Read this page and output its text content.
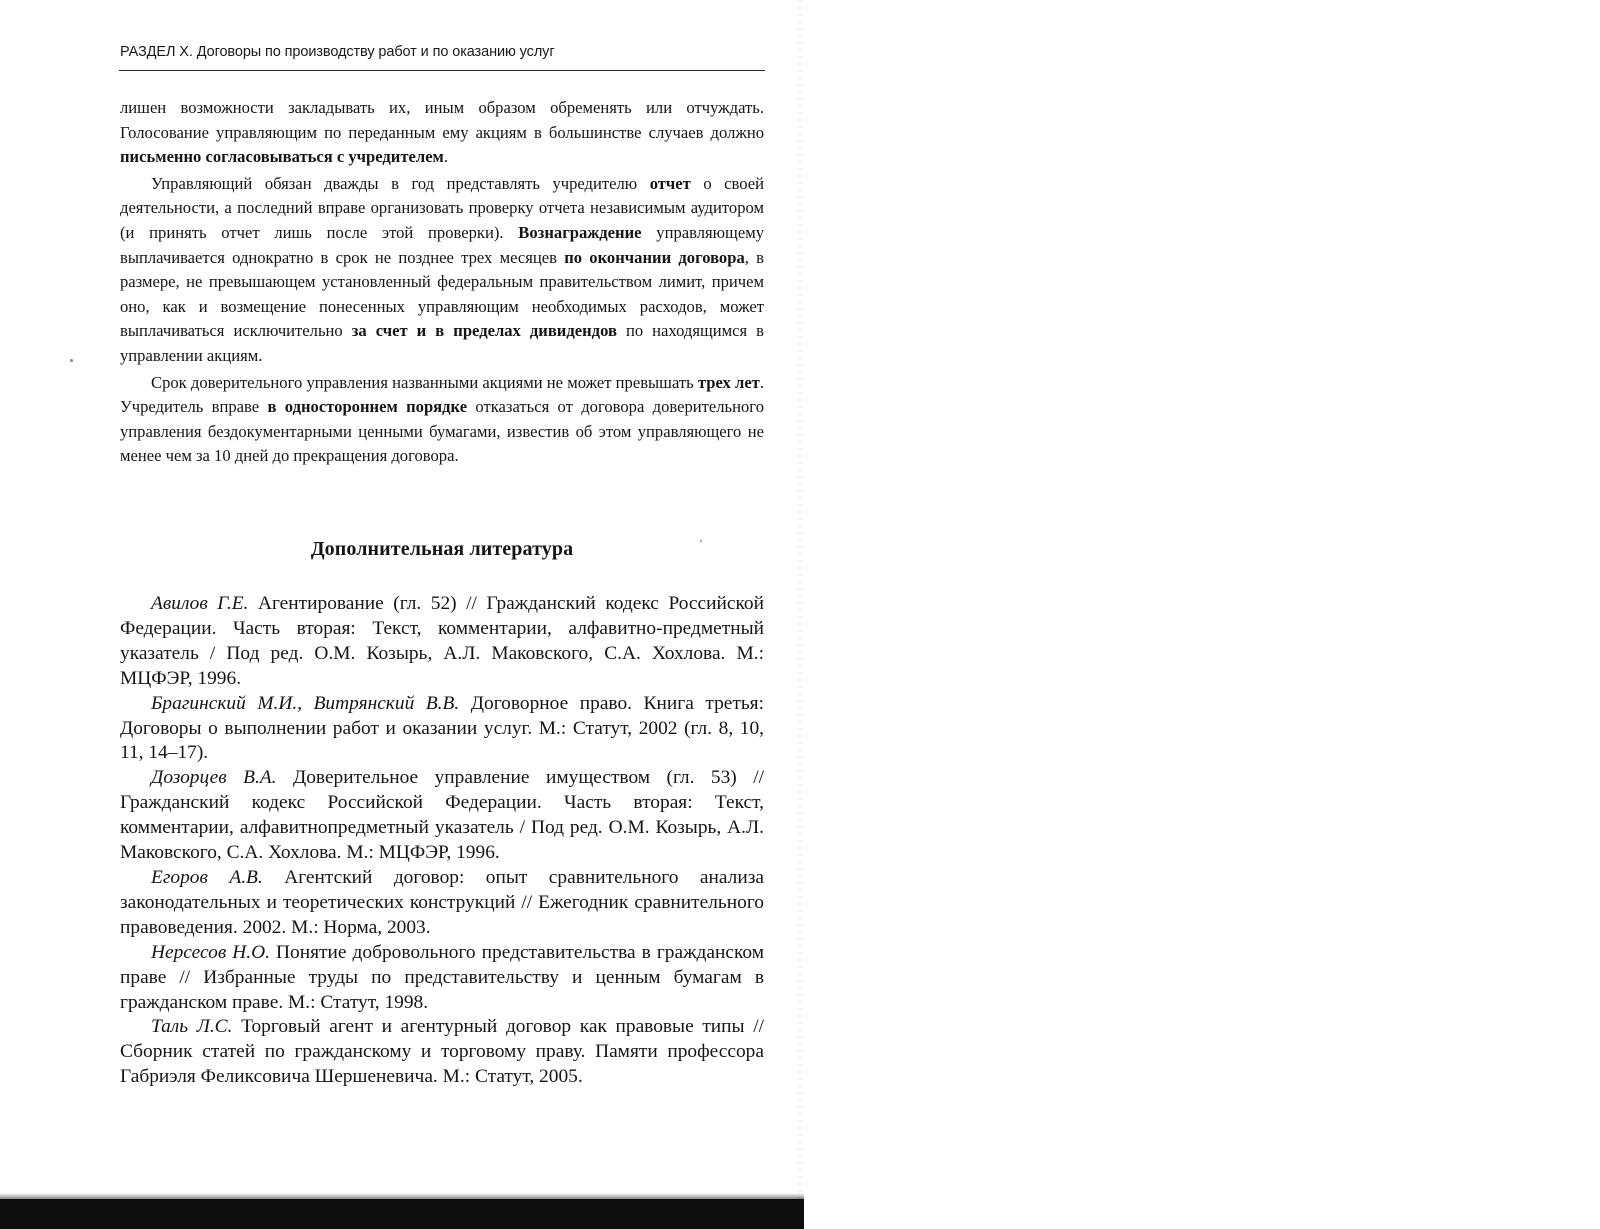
РАЗДЕЛ X. Договоры по производству работ и по оказанию услуг

лишен возможности закладывать их, иным образом обременять или отчуждать. Голосование управляющим по переданным ему акциям в большинстве случаев должно письменно согласовываться с учредителем.

Управляющий обязан дважды в год представлять учредителю отчет о своей деятельности, а последний вправе организовать проверку отчета независимым аудитором (и принять отчет лишь после этой проверки). Вознаграждение управляющему выплачивается однократно в срок не позднее трех месяцев по окончании договора, в размере, не превышающем установленный федеральным правительством лимит, причем оно, как и возмещение понесенных управляющим необходимых расходов, может выплачиваться исключительно за счет и в пределах дивидендов по находящимся в управлении акциям.

Срок доверительного управления названными акциями не может превышать трех лет. Учредитель вправе в одностороннем порядке отказаться от договора доверительного управления бездокументарными ценными бумагами, известив об этом управляющего не менее чем за 10 дней до прекращения договора.

Дополнительная литература

Авилов Г.Е. Агентирование (гл. 52) // Гражданский кодекс Российской Федерации. Часть вторая: Текст, комментарии, алфавитно-предметный указатель / Под ред. О.М. Козырь, А.Л. Маковского, С.А. Хохлова. М.: МЦФЭР, 1996.

Брагинский М.И., Витрянский В.В. Договорное право. Книга третья: Договоры о выполнении работ и оказании услуг. М.: Статут, 2002 (гл. 8, 10, 11, 14–17).

Дозорцев В.А. Доверительное управление имуществом (гл. 53) // Гражданский кодекс Российской Федерации. Часть вторая: Текст, комментарии, алфавитнопредметный указатель / Под ред. О.М. Козырь, А.Л. Маковского, С.А. Хохлова. М.: МЦФЭР, 1996.

Егоров А.В. Агентский договор: опыт сравнительного анализа законодательных и теоретических конструкций // Ежегодник сравнительного правоведения. 2002. М.: Норма, 2003.

Нерсесов Н.О. Понятие добровольного представительства в гражданском праве // Избранные труды по представительству и ценным бумагам в гражданском праве. М.: Статут, 1998.

Таль Л.С. Торговый агент и агентурный договор как правовые типы // Сборник статей по гражданскому и торговому праву. Памяти профессора Габриэля Феликсовича Шершеневича. М.: Статут, 2005.
